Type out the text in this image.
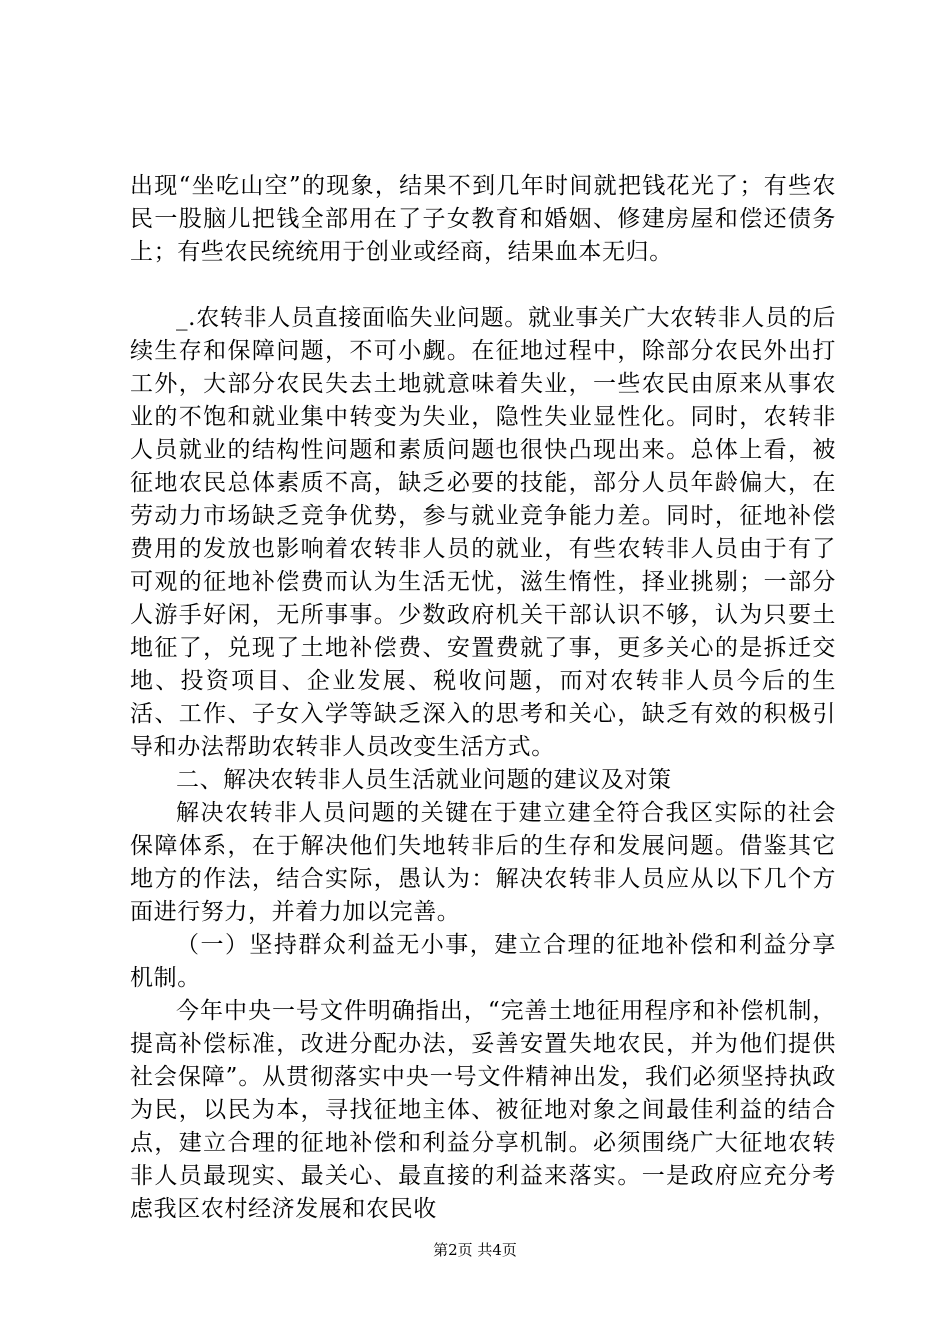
出现“坐吃山空”的现象，结果不到几年时间就把钱花光了；有些农民一股脑儿把钱全部用在了子女教育和婚姻、修建房屋和偿还债务上；有些农民统统用于创业或经商，结果血本无归。

_.农转非人员直接面临失业问题。就业事关广大农转非人员的后续生存和保障问题，不可小觑。在征地过程中，除部分农民外出打工外，大部分农民失去土地就意味着失业，一些农民由原来从事农业的不饱和就业集中转变为失业，隐性失业显性化。同时，农转非人员就业的结构性问题和素质问题也很快凸现出来。总体上看，被征地农民总体素质不高，缺乏必要的技能，部分人员年龄偏大，在劳动力市场缺乏竞争优势，参与就业竞争能力差。同时，征地补偿费用的发放也影响着农转非人员的就业，有些农转非人员由于有了可观的征地补偿费而认为生活无忧，滋生惰性，择业挑剔；一部分人游手好闲，无所事事。少数政府机关干部认识不够，认为只要土地征了，兑现了土地补偿费、安置费就了事，更多关心的是拆迁交地、投资项目、企业发展、税收问题，而对农转非人员今后的生活、工作、子女入学等缺乏深入的思考和关心，缺乏有效的积极引导和办法帮助农转非人员改变生活方式。

二、解决农转非人员生活就业问题的建议及对策

解决农转非人员问题的关键在于建立建全符合我区实际的社会保障体系，在于解决他们失地转非后的生存和发展问题。借鉴其它地方的作法，结合实际，愚认为：解决农转非人员应从以下几个方面进行努力，并着力加以完善。

（一）坚持群众利益无小事，建立合理的征地补偿和利益分享机制。

今年中央一号文件明确指出，“完善土地征用程序和补偿机制，提高补偿标准，改进分配办法，妥善安置失地农民，并为他们提供社会保障”。从贯彻落实中央一号文件精神出发，我们必须坚持执政为民，以民为本，寻找征地主体、被征地对象之间最佳利益的结合点，建立合理的征地补偿和利益分享机制。必须围绕广大征地农转非人员最现实、最关心、最直接的利益来落实。一是政府应充分考虑我区农村经济发展和农民收

第2页 共4页
